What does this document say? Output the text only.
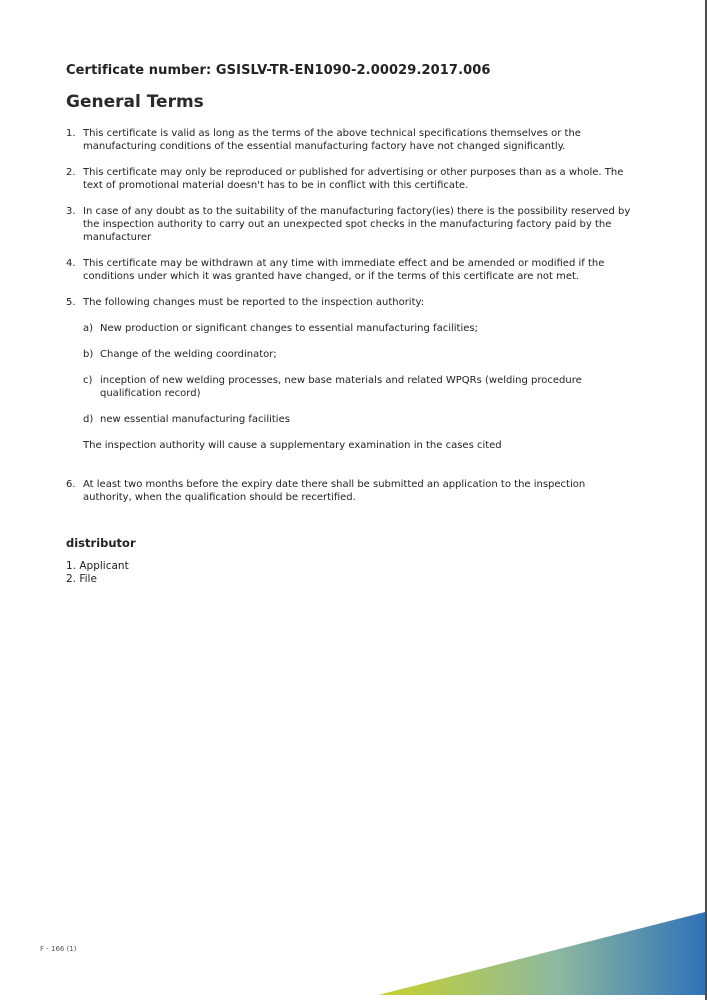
Certificate number: GSISLV-TR-EN1090-2.00029.2017.006
General Terms
1. This certificate is valid as long as the terms of the above technical specifications themselves or the manufacturing conditions of the essential manufacturing factory have not changed significantly.
2. This certificate may only be reproduced or published for advertising or other purposes than as a whole. The text of promotional material doesn't has to be in conflict with this certificate.
3. In case of any doubt as to the suitability of the manufacturing factory(ies) there is the possibility reserved by the inspection authority to carry out an unexpected spot checks in the manufacturing factory paid by the manufacturer
4. This certificate may be withdrawn at any time with immediate effect and be amended or modified if the conditions under which it was granted have changed, or if the terms of this certificate are not met.
5. The following changes must be reported to the inspection authority:
a) New production or significant changes to essential manufacturing facilities;
b) Change of the welding coordinator;
c) inception of new welding processes, new base materials and related WPQRs (welding procedure qualification record)
d) new essential manufacturing facilities
The inspection authority will cause a supplementary examination in the cases cited
6. At least two months before the expiry date there shall be submitted an application to the inspection authority, when the qualification should be recertified.
distributor
1. Applicant
2. File
F - 166 (1)
